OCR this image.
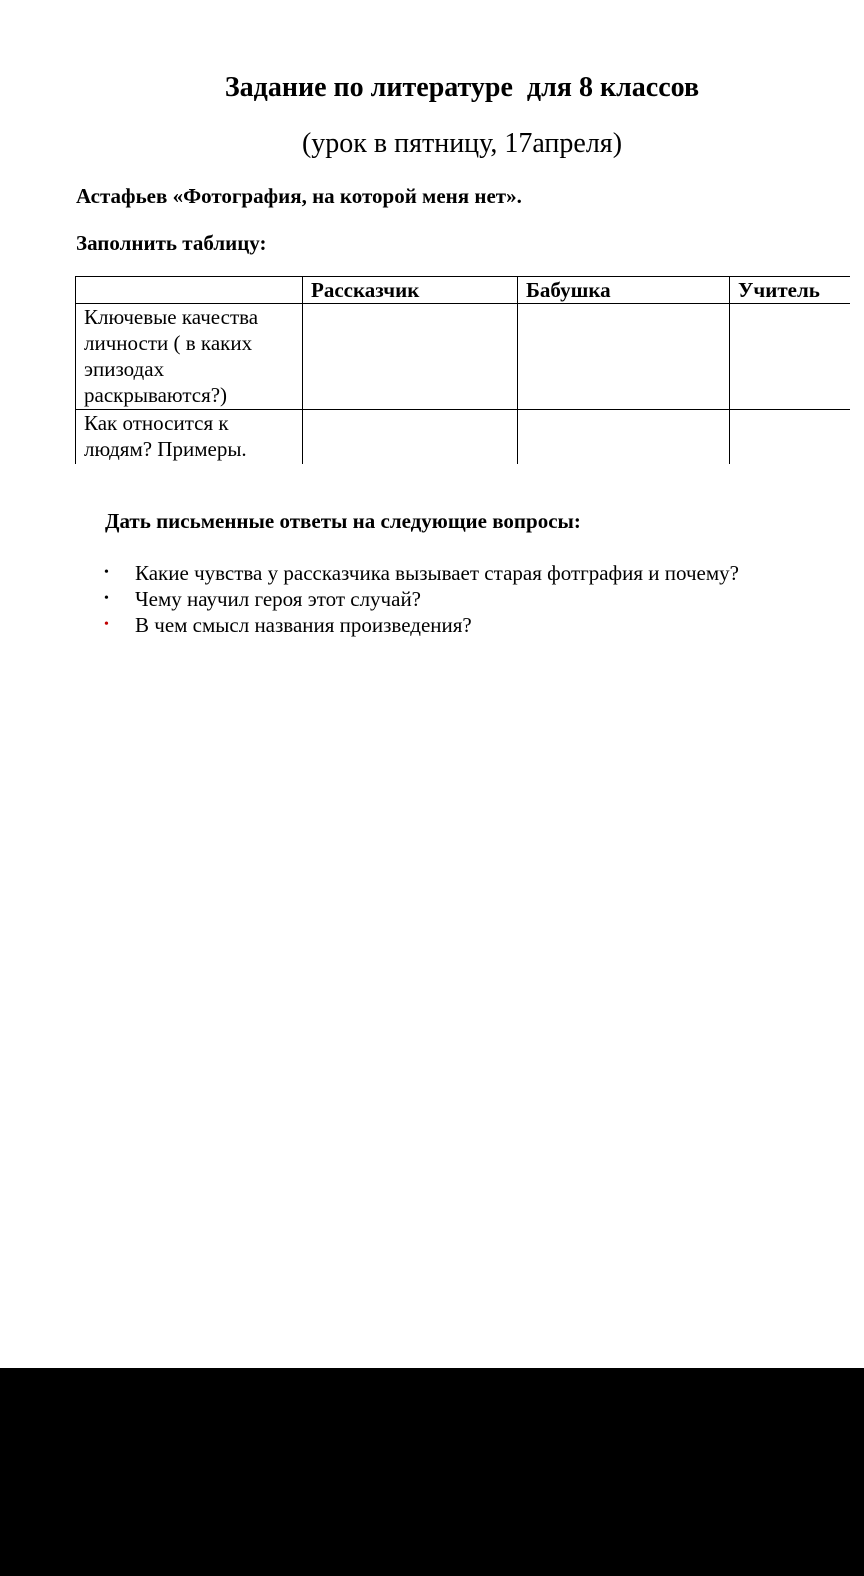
Задание по литературе  для 8 классов
(урок в пятницу, 17апреля)
Астафьев «Фотография, на которой меня нет».
Заполнить таблицу:
	Рассказчик	Бабушка	Учитель
Ключевые качества личности ( в каких эпизодах раскрываются?)			
Как относится к людям? Примеры.			
Дать письменные ответы на следующие вопросы:
• Какие чувства у рассказчика вызывает старая фотграфия и почему?
• Чему научил героя этот случай?
• В чем смысл названия произведения?
